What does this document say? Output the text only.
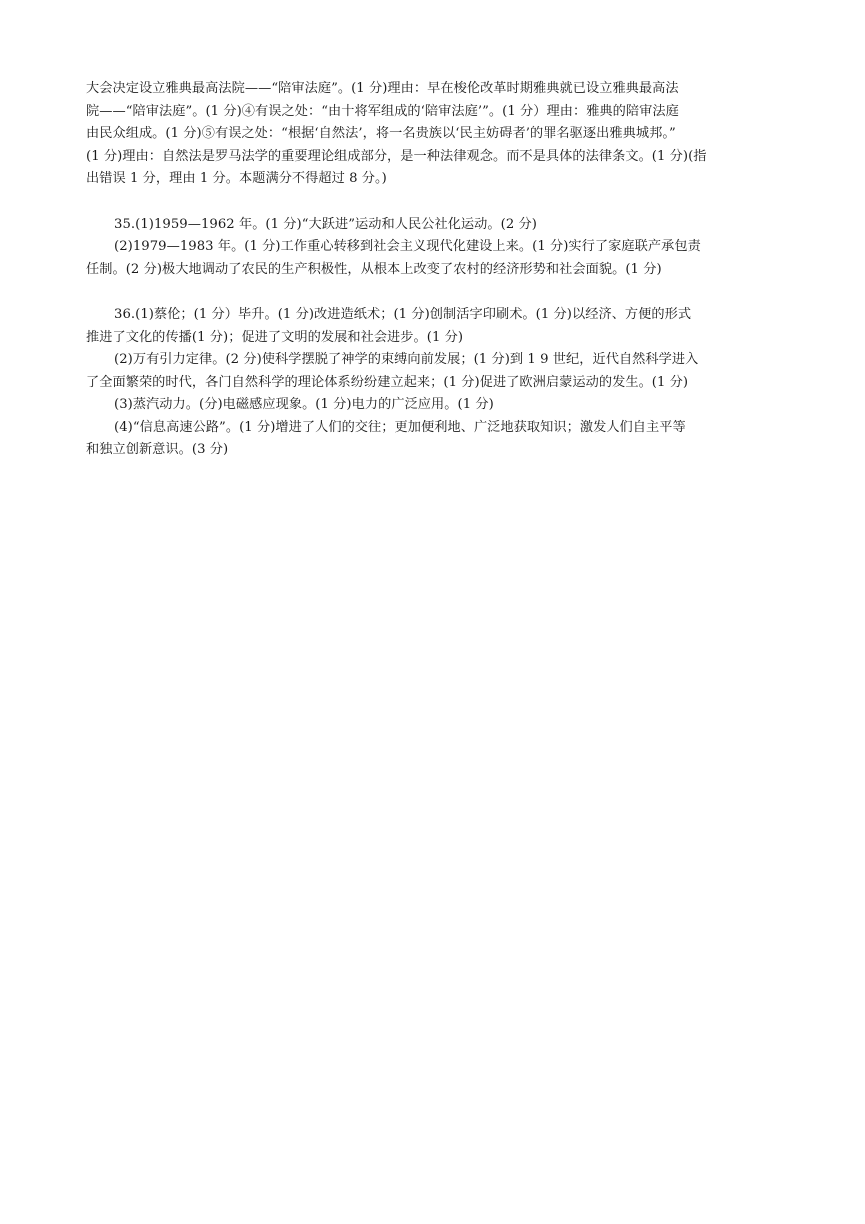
大会决定设立雅典最高法院——“陪审法庭”。(1 分)理由：早在梭伦改革时期雅典就已设立雅典最高法
院——“陪审法庭”。(1 分)④有误之处：“由十将军组成的‘陪审法庭’”。(1 分）理由：雅典的陪审法庭
由民众组成。(1 分)⑤有误之处：“根据‘自然法’，将一名贵族以‘民主妨碍者’的罪名驱逐出雅典城邦。”
(1 分)理由：自然法是罗马法学的重要理论组成部分，是一种法律观念。而不是具体的法律条文。(1 分)(指
出错误 1 分，理由 1 分。本题满分不得超过 8 分。)
35.(1)1959—1962 年。(1 分)“大跃进”运动和人民公社化运动。(2 分)
(2)1979—1983 年。(1 分)工作重心转移到社会主义现代化建设上来。(1 分)实行了家庭联产承包责
任制。(2 分)极大地调动了农民的生产积极性，从根本上改变了农村的经济形势和社会面貌。(1 分)
36.(1)蔡伦；(1 分）毕升。(1 分)改进造纸术；(1 分)创制活字印刷术。(1 分)以经济、方便的形式
推进了文化的传播(1 分)；促进了文明的发展和社会进步。(1 分)
(2)万有引力定律。(2 分)使科学摆脱了神学的束缚向前发展；(1 分)到 1 9 世纪，近代自然科学进入
了全面繁荣的时代，各门自然科学的理论体系纷纷建立起来；(1 分)促进了欧洲启蒙运动的发生。(1 分)
(3)蒸汽动力。(分)电磁感应现象。(1 分)电力的广泛应用。(1 分)
(4)“信息高速公路”。(1 分)增进了人们的交往；更加便利地、广泛地获取知识；激发人们自主平等
和独立创新意识。(3 分)
